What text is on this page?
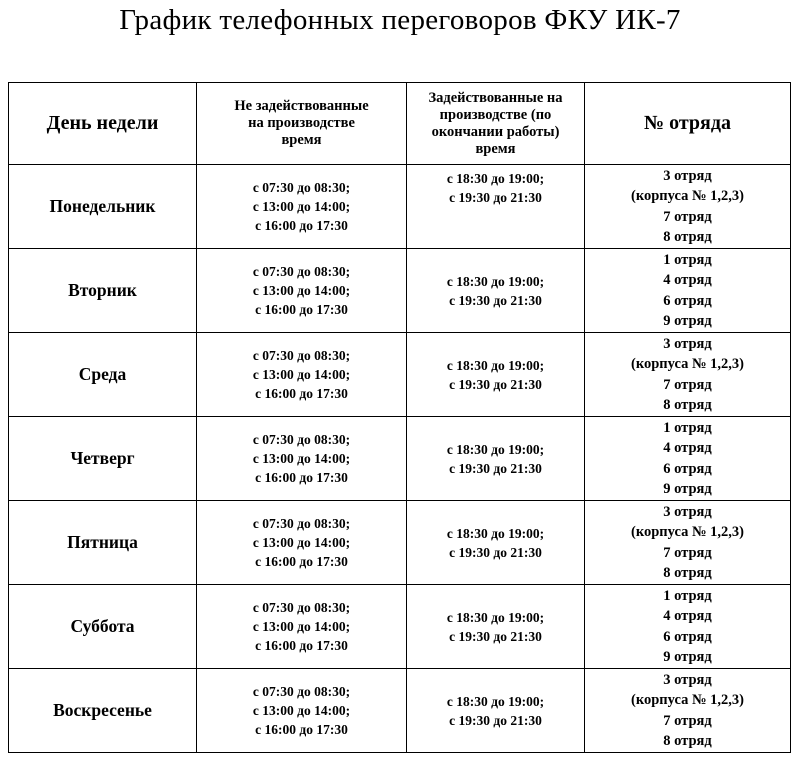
График телефонных переговоров ФКУ ИК-7
День недели	Не задействованные
на производстве
время	Задействованные на
производстве (по
окончании работы)
время	№ отряда
Понедельник	с 07:30 до 08:30;
с 13:00 до 14:00;
с 16:00 до 17:30	с 18:30 до 19:00;
с 19:30 до 21:30	3 отряд
(корпуса № 1,2,3)
7 отряд
8 отряд

Вторник	с 07:30 до 08:30;
с 13:00 до 14:00;
с 16:00 до 17:30	с 18:30 до 19:00;
с 19:30 до 21:30	1 отряд
4 отряд
6 отряд
9 отряд

Среда	с 07:30 до 08:30;
с 13:00 до 14:00;
с 16:00 до 17:30	с 18:30 до 19:00;
с 19:30 до 21:30	3 отряд
(корпуса № 1,2,3)
7 отряд
8 отряд

Четверг	с 07:30 до 08:30;
с 13:00 до 14:00;
с 16:00 до 17:30	с 18:30 до 19:00;
с 19:30 до 21:30	1 отряд
4 отряд
6 отряд
9 отряд

Пятница	с 07:30 до 08:30;
с 13:00 до 14:00;
с 16:00 до 17:30	с 18:30 до 19:00;
с 19:30 до 21:30	3 отряд
(корпуса № 1,2,3)
7 отряд
8 отряд

Суббота	с 07:30 до 08:30;
с 13:00 до 14:00;
с 16:00 до 17:30	с 18:30 до 19:00;
с 19:30 до 21:30	1 отряд
4 отряд
6 отряд
9 отряд

Воскресенье	с 07:30 до 08:30;
с 13:00 до 14:00;
с 16:00 до 17:30	с 18:30 до 19:00;
с 19:30 до 21:30	3 отряд
(корпуса № 1,2,3)
7 отряд
8 отряд
